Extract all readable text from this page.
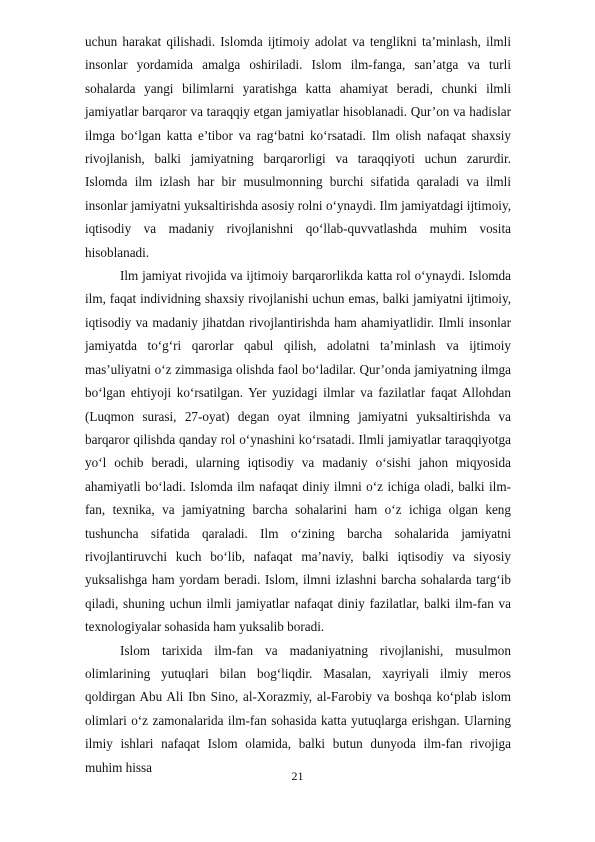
uchun harakat qilishadi. Islomda ijtimoiy adolat va tenglikni ta’minlash, ilmli insonlar yordamida amalga oshiriladi. Islom ilm-fanga, san’atga va turli sohalarda yangi bilimlarni yaratishga katta ahamiyat beradi, chunki ilmli jamiyatlar barqaror va taraqqiy etgan jamiyatlar hisoblanadi. Qur’on va hadislar ilmga bo‘lgan katta e’tibor va rag‘batni ko‘rsatadi. Ilm olish nafaqat shaxsiy rivojlanish, balki jamiyatning barqarorligi va taraqqiyoti uchun zarurdir. Islomda ilm izlash har bir musulmonning burchi sifatida qaraladi va ilmli insonlar jamiyatni yuksaltirishda asosiy rolni o‘ynaydi. Ilm jamiyatdagi ijtimoiy, iqtisodiy va madaniy rivojlanishni qo‘llab-quvvatlashda muhim vosita hisoblanadi.

Ilm jamiyat rivojida va ijtimoiy barqarorlikda katta rol o‘ynaydi. Islomda ilm, faqat individning shaxsiy rivojlanishi uchun emas, balki jamiyatni ijtimoiy, iqtisodiy va madaniy jihatdan rivojlantirishda ham ahamiyatlidir. Ilmli insonlar jamiyatda to‘g‘ri qarorlar qabul qilish, adolatni ta’minlash va ijtimoiy mas’uliyatni o‘z zimmasiga olishda faol bo‘ladilar. Qur’onda jamiyatning ilmga bo‘lgan ehtiyoji ko‘rsatilgan. Yer yuzidagi ilmlar va fazilatlar faqat Allohdan (Luqmon surasi, 27-oyat) degan oyat ilmning jamiyatni yuksaltirishda va barqaror qilishda qanday rol o‘ynashini ko‘rsatadi. Ilmli jamiyatlar taraqqiyotga yo‘l ochib beradi, ularning iqtisodiy va madaniy o‘sishi jahon miqyosida ahamiyatli bo‘ladi. Islomda ilm nafaqat diniy ilmni o‘z ichiga oladi, balki ilm-fan, texnika, va jamiyatning barcha sohalarini ham o‘z ichiga olgan keng tushuncha sifatida qaraladi. Ilm o‘zining barcha sohalarida jamiyatni rivojlantiruvchi kuch bo‘lib, nafaqat ma’naviy, balki iqtisodiy va siyosiy yuksalishga ham yordam beradi. Islom, ilmni izlashni barcha sohalarda targ‘ib qiladi, shuning uchun ilmli jamiyatlar nafaqat diniy fazilatlar, balki ilm-fan va texnologiyalar sohasida ham yuksalib boradi.

Islom tarixida ilm-fan va madaniyatning rivojlanishi, musulmon olimlarining yutuqlari bilan bog‘liqdir. Masalan, xayriyali ilmiy meros qoldirgan Abu Ali Ibn Sino, al-Xorazmiy, al-Farobiy va boshqa ko‘plab islom olimlari o‘z zamonalarida ilm-fan sohasida katta yutuqlarga erishgan. Ularning ilmiy ishlari nafaqat Islom olamida, balki butun dunyoda ilm-fan rivojiga muhim hissa

21
